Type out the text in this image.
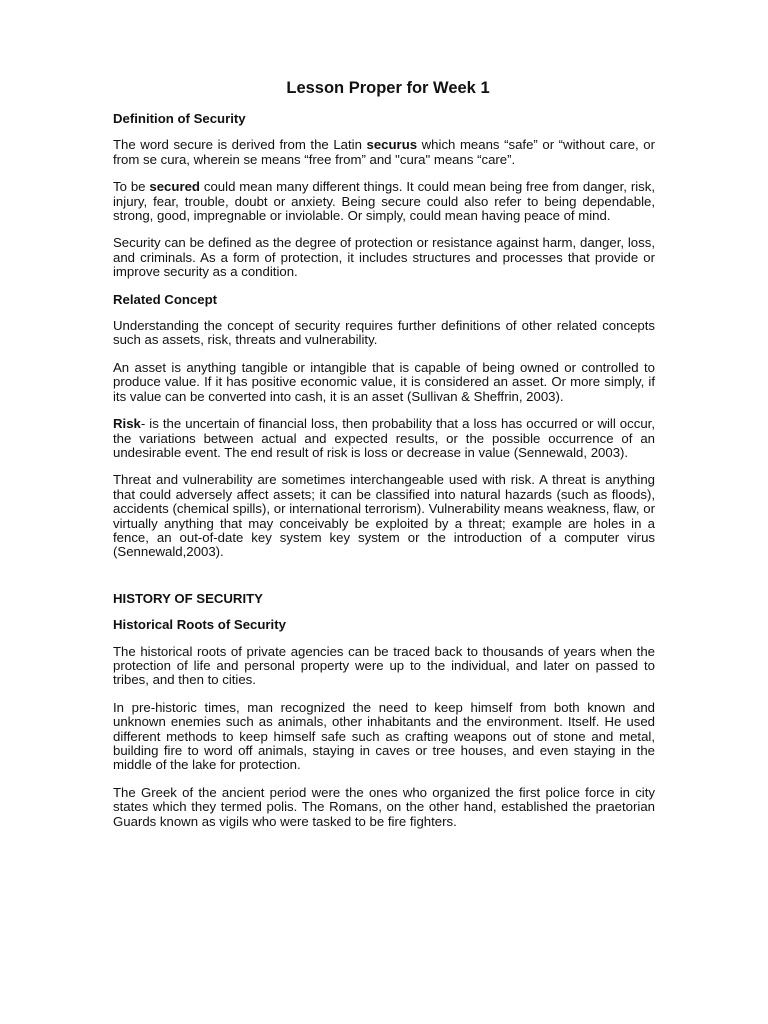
Lesson Proper for Week 1
Definition of Security

The word secure is derived from the Latin securus which means “safe” or “without care, or from se cura, wherein se means “free from” and "cura" means “care”.

To be secured could mean many different things. It could mean being free from danger, risk, injury, fear, trouble, doubt or anxiety. Being secure could also refer to being dependable, strong, good, impregnable or inviolable. Or simply, could mean having peace of mind.

Security can be defined as the degree of protection or resistance against harm, danger, loss, and criminals. As a form of protection, it includes structures and processes that provide or improve security as a condition.

Related Concept

Understanding the concept of security requires further definitions of other related concepts such as assets, risk, threats and vulnerability.

An asset is anything tangible or intangible that is capable of being owned or controlled to produce value. If it has positive economic value, it is considered an asset. Or more simply, if its value can be converted into cash, it is an asset (Sullivan & Sheffrin, 2003).

Risk- is the uncertain of financial loss, then probability that a loss has occurred or will occur, the variations between actual and expected results, or the possible occurrence of an undesirable event. The end result of risk is loss or decrease in value (Sennewald, 2003).

Threat and vulnerability are sometimes interchangeable used with risk. A threat is anything that could adversely affect assets; it can be classified into natural hazards (such as floods), accidents (chemical spills), or international terrorism). Vulnerability means weakness, flaw, or virtually anything that may conceivably be exploited by a threat; example are holes in a fence, an out-of-date key system key system or the introduction of a computer virus (Sennewald,2003).

HISTORY OF SECURITY
Historical Roots of Security

The historical roots of private agencies can be traced back to thousands of years when the protection of life and personal property were up to the individual, and later on passed to tribes, and then to cities.

In pre-historic times, man recognized the need to keep himself from both known and unknown enemies such as animals, other inhabitants and the environment. Itself. He used different methods to keep himself safe such as crafting weapons out of stone and metal, building fire to word off animals, staying in caves or tree houses, and even staying in the middle of the lake for protection.

The Greek of the ancient period were the ones who organized the first police force in city states which they termed polis. The Romans, on the other hand, established the praetorian Guards known as vigils who were tasked to be fire fighters.
